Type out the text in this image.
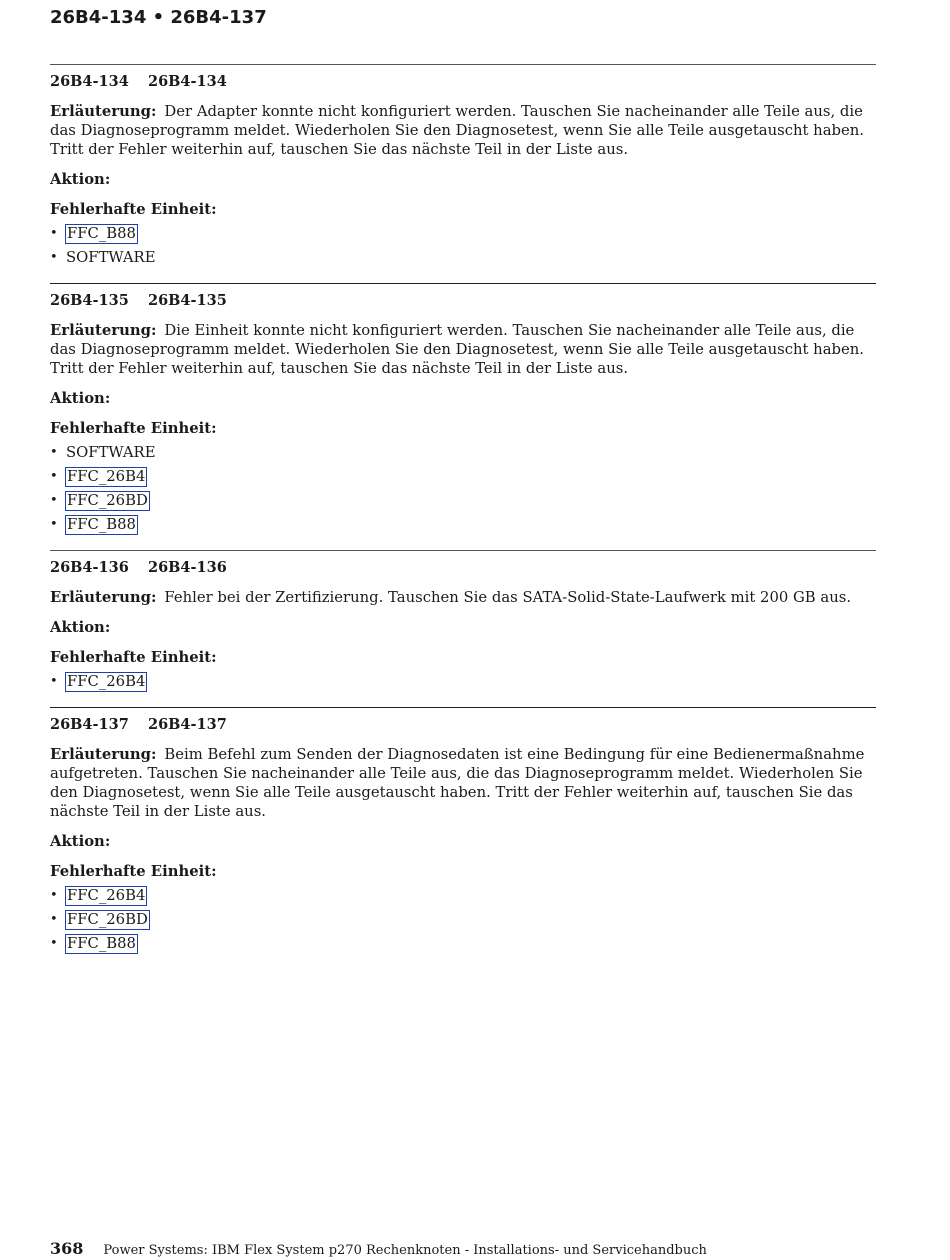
26B4-134 • 26B4-137
26B4-134	26B4-134

Erläuterung: Der Adapter konnte nicht konfiguriert werden. Tauschen Sie nacheinander alle Teile aus, die das Diagnoseprogramm meldet. Wiederholen Sie den Diagnosetest, wenn Sie alle Teile ausgetauscht haben. Tritt der Fehler weiterhin auf, tauschen Sie das nächste Teil in der Liste aus.

Aktion:

Fehlerhafte Einheit:

• FFC_B88
• SOFTWARE
26B4-135	26B4-135

Erläuterung: Die Einheit konnte nicht konfiguriert werden. Tauschen Sie nacheinander alle Teile aus, die das Diagnoseprogramm meldet. Wiederholen Sie den Diagnosetest, wenn Sie alle Teile ausgetauscht haben. Tritt der Fehler weiterhin auf, tauschen Sie das nächste Teil in der Liste aus.

Aktion:

Fehlerhafte Einheit:

• SOFTWARE
• FFC_26B4
• FFC_26BD
• FFC_B88
26B4-136	26B4-136

Erläuterung: Fehler bei der Zertifizierung. Tauschen Sie das SATA-Solid-State-Laufwerk mit 200 GB aus.

Aktion:

Fehlerhafte Einheit:

• FFC_26B4
26B4-137	26B4-137

Erläuterung: Beim Befehl zum Senden der Diagnosedaten ist eine Bedingung für eine Bedienermaßnahme aufgetreten. Tauschen Sie nacheinander alle Teile aus, die das Diagnoseprogramm meldet. Wiederholen Sie den Diagnosetest, wenn Sie alle Teile ausgetauscht haben. Tritt der Fehler weiterhin auf, tauschen Sie das nächste Teil in der Liste aus.

Aktion:

Fehlerhafte Einheit:

• FFC_26B4
• FFC_26BD
• FFC_B88
368 Power Systems: IBM Flex System p270 Rechenknoten - Installations- und Servicehandbuch
